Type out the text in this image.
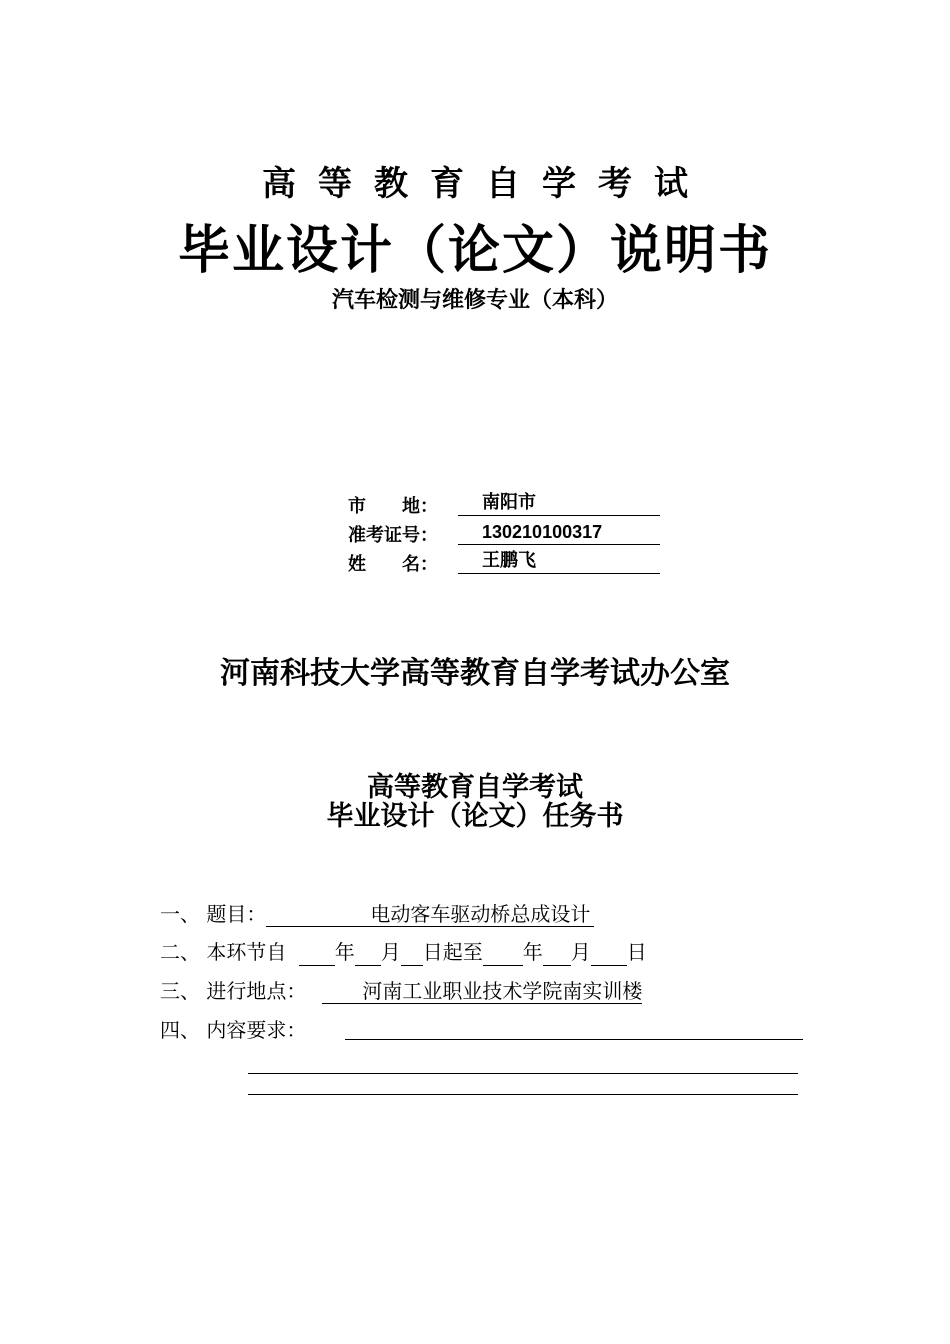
高等教育自学考试
毕业设计（论文）说明书
汽车检测与维修专业（本科）
市　　地：	南阳市
准考证号：	130210100317
姓　　名：	王鹏飞
河南科技大学高等教育自学考试办公室
高等教育自学考试
毕业设计（论文）任务书
一、 题目：	电动客车驱动桥总成设计
二、 本环节自 年 月 日起至 年 月 日
三、 进行地点：	河南工业职业技术学院南实训楼
四、 内容要求：
